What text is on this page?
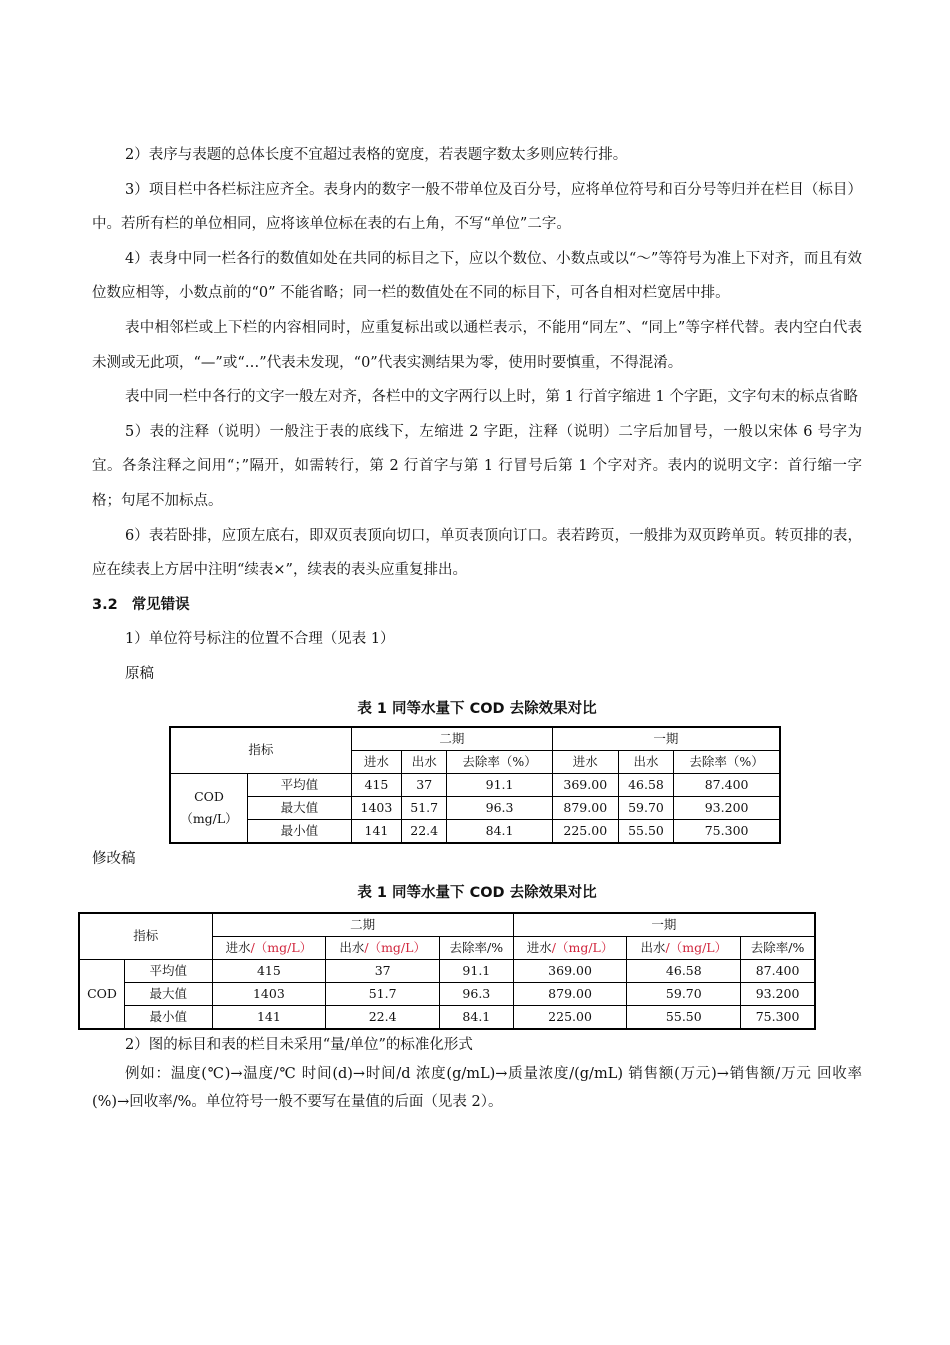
2）表序与表题的总体长度不宜超过表格的宽度，若表题字数太多则应转行排。

3）项目栏中各栏标注应齐全。表身内的数字一般不带单位及百分号，应将单位符号和百分号等归并在栏目（标目）中。若所有栏的单位相同，应将该单位标在表的右上角，不写“单位”二字。

4）表身中同一栏各行的数值如处在共同的标目之下，应以个数位、小数点或以“～”等符号为准上下对齐，而且有效位数应相等，小数点前的“0” 不能省略；同一栏的数值处在不同的标目下，可各自相对栏宽居中排。

表中相邻栏或上下栏的内容相同时，应重复标出或以通栏表示，不能用“同左”、“同上”等字样代替。表内空白代表未测或无此项，“—”或“…”代表未发现，“0”代表实测结果为零，使用时要慎重，不得混淆。

表中同一栏中各行的文字一般左对齐，各栏中的文字两行以上时，第 1 行首字缩进 1 个字距，文字句末的标点省略

5）表的注释（说明）一般注于表的底线下，左缩进 2 字距，注释（说明）二字后加冒号，一般以宋体 6 号字为宜。各条注释之间用“；”隔开，如需转行，第 2 行首字与第 1 行冒号后第 1 个字对齐。表内的说明文字：首行缩一字格；句尾不加标点。

6）表若卧排，应顶左底右，即双页表顶向切口，单页表顶向订口。表若跨页，一般排为双页跨单页。转页排的表，应在续表上方居中注明“续表×”，续表的表头应重复排出。

3.2 常见错误

1）单位符号标注的位置不合理（见表 1）

原稿

表 1 同等水量下 COD 去除效果对比
指标		二期			一期		
		进水	出水	去除率（%）	进水	出水	去除率（%）

COD
（mg/L）	平均值	415	37	91.1	369.00	46.58	87.400
	最大值	1403	51.7	96.3	879.00	59.70	93.200
	最小值	141	22.4	84.1	225.00	55.50	75.300

修改稿

表 1 同等水量下 COD 去除效果对比
指标		二期			一期		
		进水/（mg/L）	出水/（mg/L）	去除率/%	进水/（mg/L）	出水/（mg/L）	去除率/%
COD	平均值	415	37	91.1	369.00	46.58	87.400
	最大值	1403	51.7	96.3	879.00	59.70	93.200
	最小值	141	22.4	84.1	225.00	55.50	75.300

2）图的标目和表的栏目未采用“量/单位”的标准化形式

例如：温度(℃)→温度/℃ 时间(d)→时间/d 浓度(g/mL)→质量浓度/(g/mL) 销售额(万元)→销售额/万元 回收率(%)→回收率/%。单位符号一般不要写在量值的后面（见表 2）。
